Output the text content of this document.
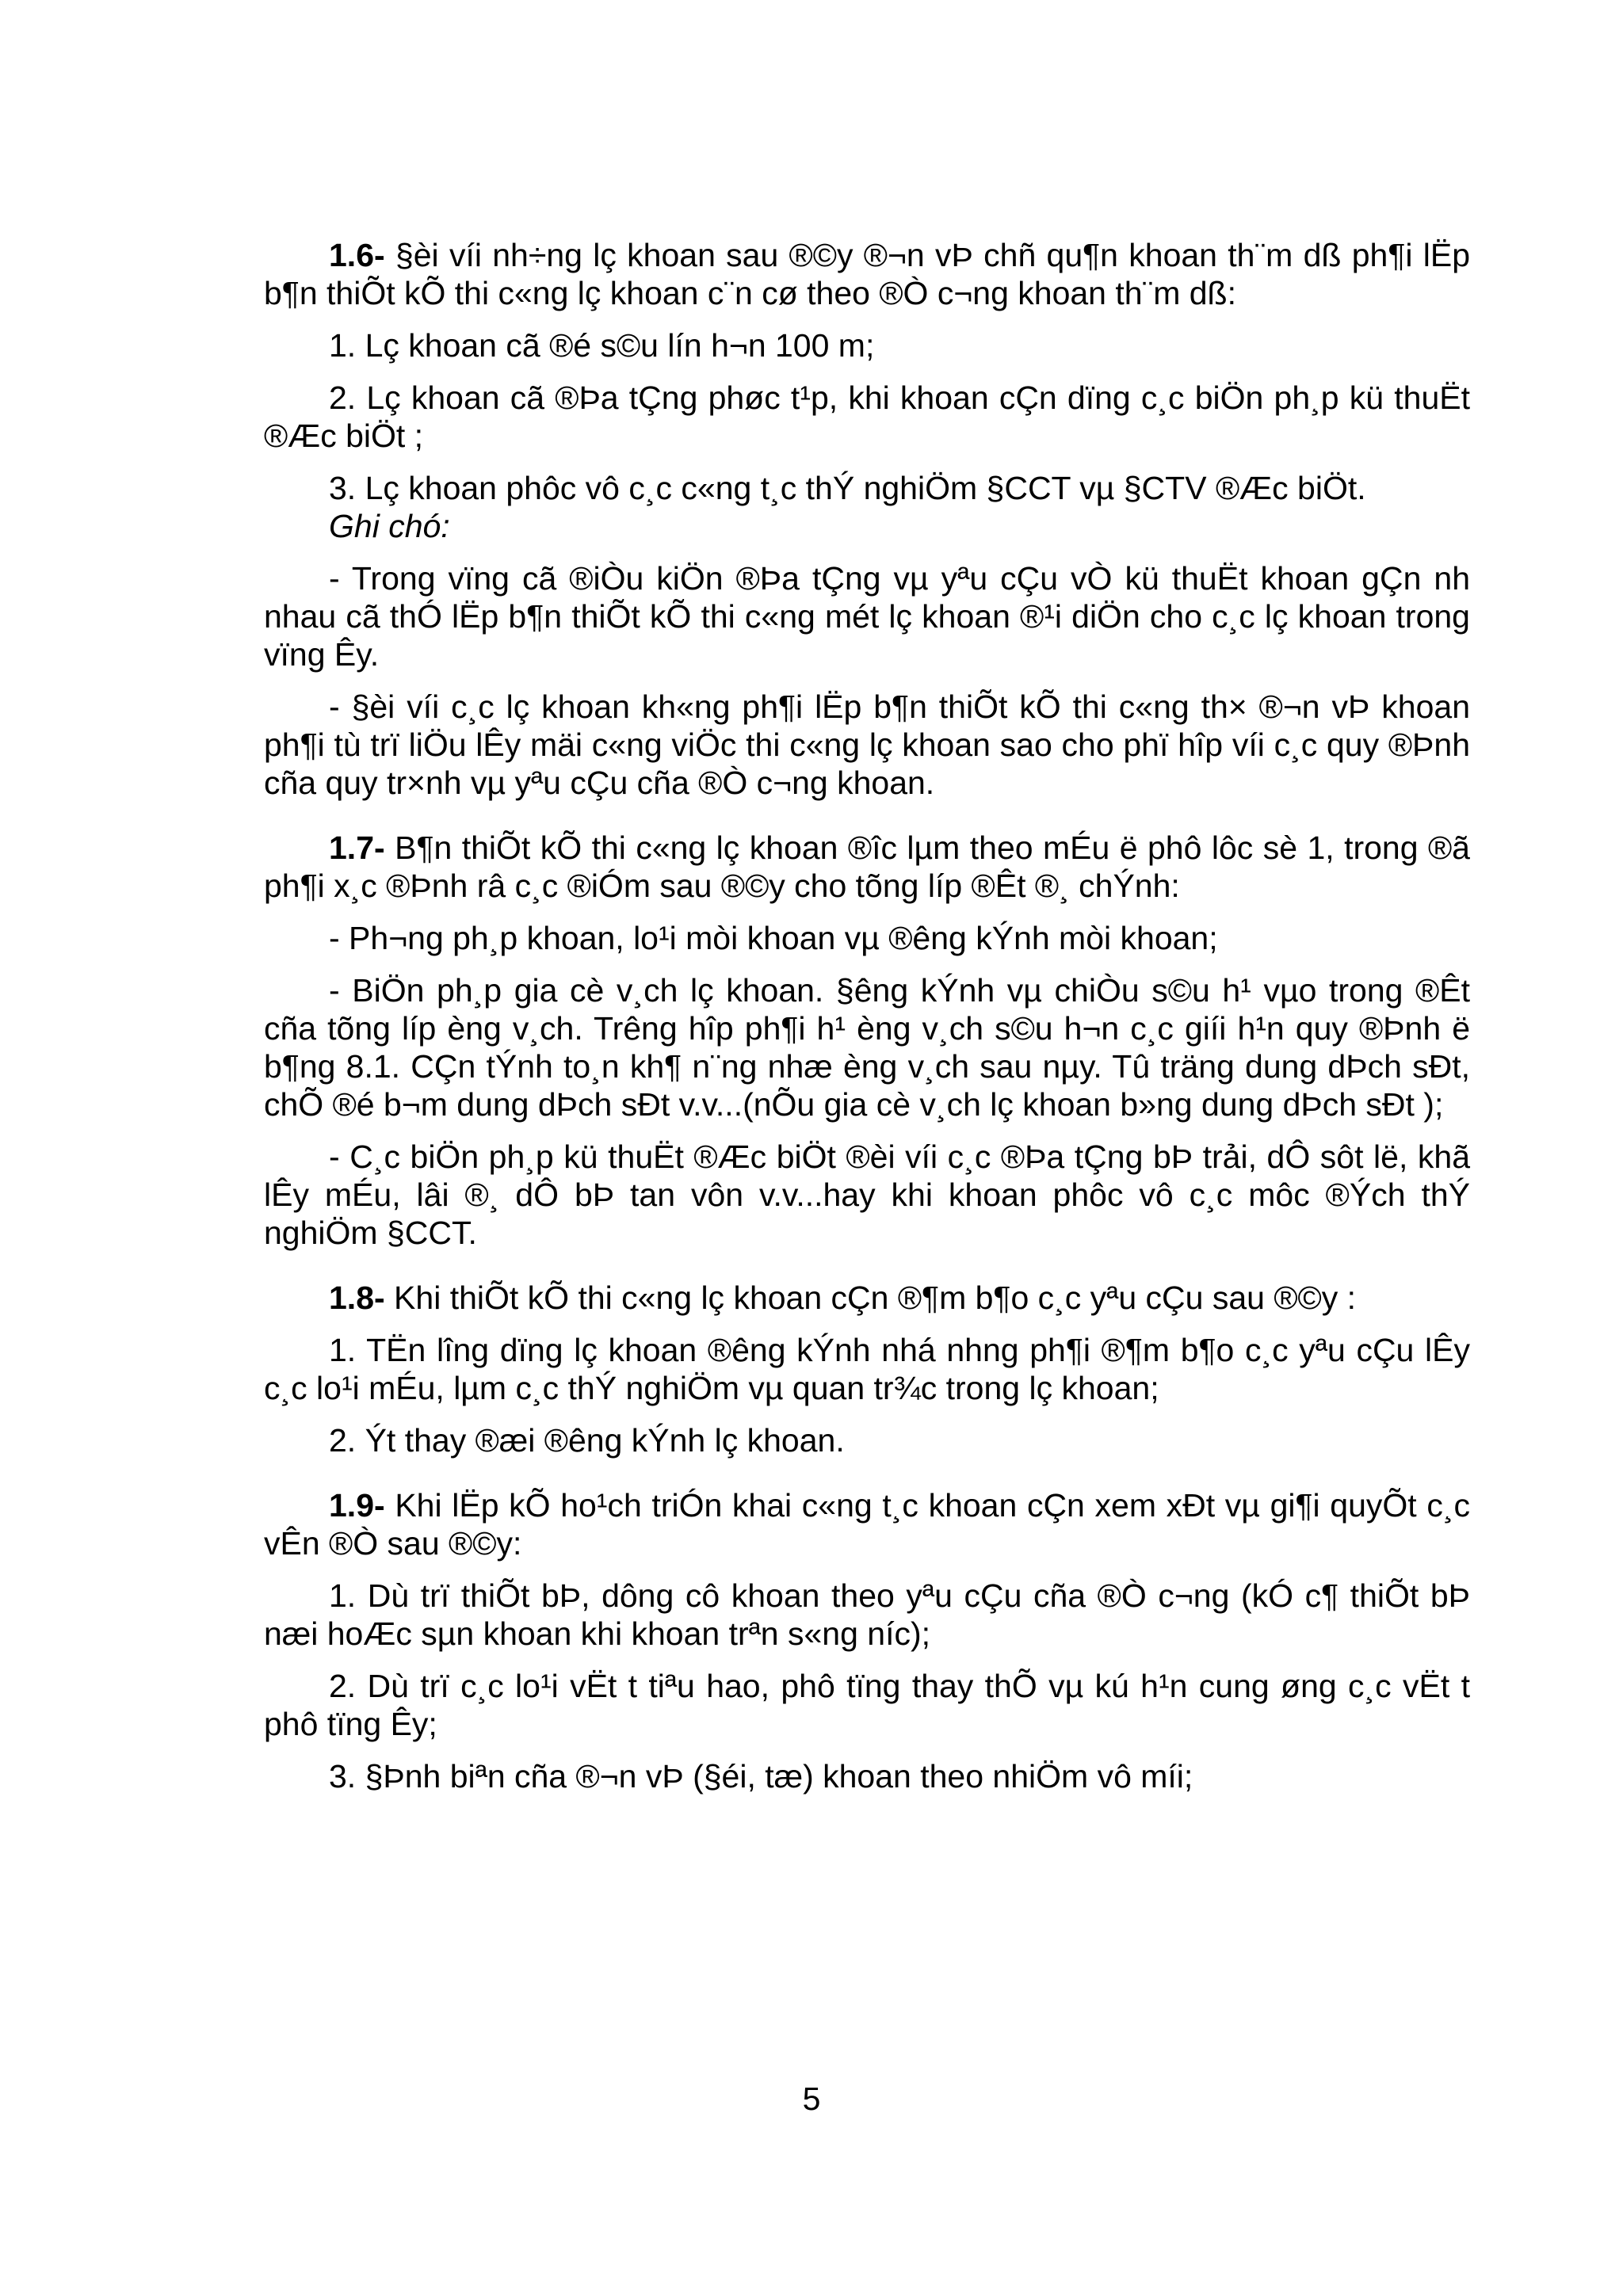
1.6- §èi víi nh÷ng lç khoan sau ®©y ®¬n vÞ chñ qu¶n khoan th¨m dß ph¶i lËp b¶n thiÕt kÕ thi c«ng lç khoan c¨n cø theo ®Ò c¬ng khoan th¨m dß:

1. Lç khoan cã ®é s©u lín h¬n 100 m;

2. Lç khoan cã ®Þa tÇng phøc t¹p, khi khoan cÇn dïng c¸c biÖn ph¸p kü thuËt ®Æc biÖt ;

3. Lç khoan phôc vô c¸c c«ng t¸c thÝ nghiÖm §CCT vµ §CTV ®Æc biÖt.

Ghi chó:

- Trong vïng cã ®iÒu kiÖn ®Þa tÇng vµ yªu cÇu vÒ kü thuËt khoan gÇn nh nhau cã thÓ lËp b¶n thiÕt kÕ thi c«ng mét lç khoan ®¹i diÖn cho c¸c lç khoan trong vïng Êy.

- §èi víi c¸c lç khoan kh«ng ph¶i lËp b¶n thiÕt kÕ thi c«ng th× ®¬n vÞ khoan ph¶i tù trï liÖu lÊy mäi c«ng viÖc thi c«ng lç khoan sao cho phï hîp víi c¸c quy ®Þnh cña quy tr×nh vµ yªu cÇu cña ®Ò c¬ng khoan.

1.7- B¶n thiÕt kÕ thi c«ng lç khoan ®îc lµm theo mÉu ë phô lôc sè 1, trong ®ã ph¶i x¸c ®Þnh râ c¸c ®iÓm sau ®©y cho tõng líp ®Êt ®¸ chÝnh:

- Ph¬ng ph¸p khoan, lo¹i mòi khoan vµ ®êng kÝnh mòi khoan;

- BiÖn ph¸p gia cè v¸ch lç khoan. §êng kÝnh vµ chiÒu s©u h¹ vµo trong ®Êt cña tõng líp èng v¸ch. Trêng hîp ph¶i h¹ èng v¸ch s©u h¬n c¸c giíi h¹n quy ®Þnh ë b¶ng 8.1. CÇn tÝnh to¸n kh¶ n¨ng nhæ èng v¸ch sau nµy. Tû träng dung dÞch sÐt, chÕ ®é b¬m dung dÞch sÐt v.v...(nÕu gia cè v¸ch lç khoan b»ng dung dÞch sÐt );

- C¸c biÖn ph¸p kü thuËt ®Æc biÖt ®èi víi c¸c ®Þa tÇng bÞ trải, dÔ sôt lë, khã lÊy mÉu, lâi ®¸ dÔ bÞ tan vôn v.v...hay khi khoan phôc vô c¸c môc ®Ých thÝ nghiÖm §CCT.

1.8- Khi thiÕt kÕ thi c«ng lç khoan cÇn ®¶m b¶o c¸c yªu cÇu sau ®©y :

1. TËn lîng dïng lç khoan ®êng kÝnh nhá nhng ph¶i ®¶m b¶o c¸c yªu cÇu lÊy c¸c lo¹i mÉu, lµm c¸c thÝ nghiÖm vµ quan tr¾c trong lç khoan;

2. Ýt thay ®æi ®êng kÝnh lç khoan.

1.9- Khi lËp kÕ ho¹ch triÓn khai c«ng t¸c khoan cÇn xem xÐt vµ gi¶i quyÕt c¸c vÊn ®Ò sau ®©y:

1. Dù trï thiÕt bÞ, dông cô khoan theo yªu cÇu cña ®Ò c¬ng (kÓ c¶ thiÕt bÞ næi hoÆc sµn khoan khi khoan trªn s«ng níc);

2. Dù trï c¸c lo¹i vËt t tiªu hao, phô tïng thay thÕ vµ kú h¹n cung øng c¸c vËt t phô tïng Êy;

3. §Þnh biªn cña ®¬n vÞ (§éi, tæ) khoan theo nhiÖm vô míi;

5
